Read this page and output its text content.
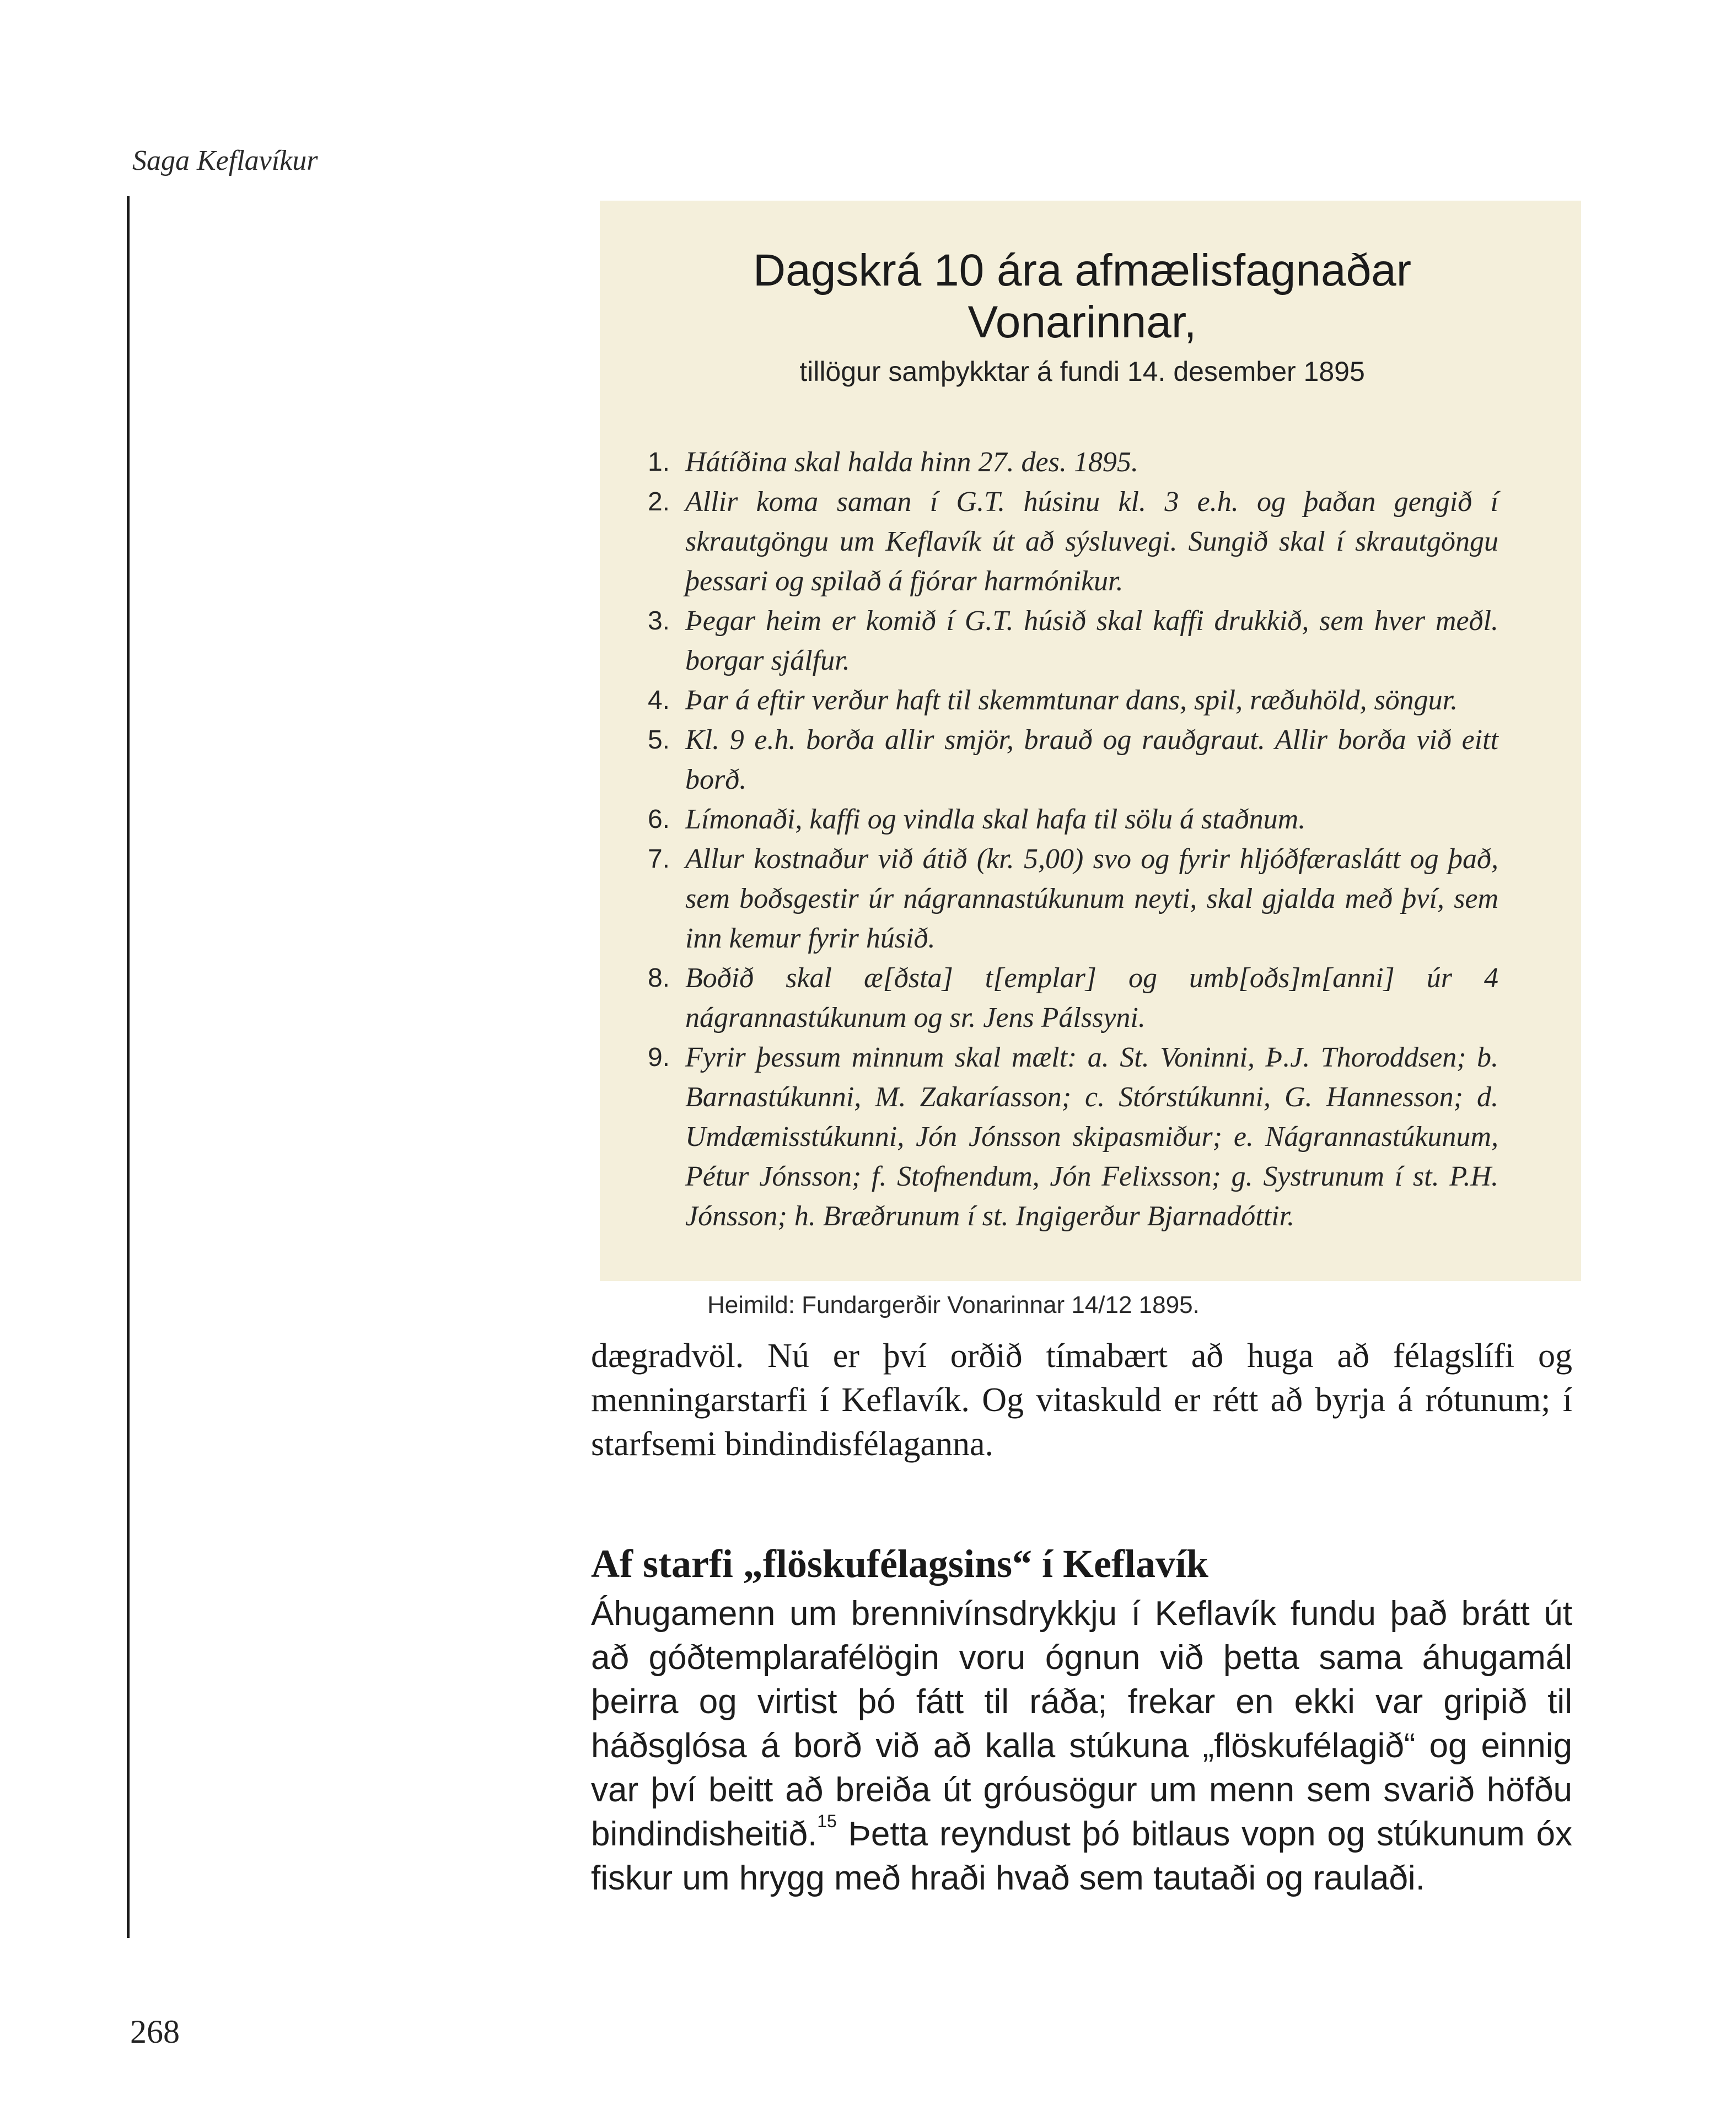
Saga Keflavíkur
Dagskrá 10 ára afmælisfagnaðar Vonarinnar,
tillögur samþykktar á fundi 14. desember 1895
1. Hátíðina skal halda hinn 27. des. 1895.
2. Allir koma saman í G.T. húsinu kl. 3 e.h. og þaðan gengið í skrautgöngu um Keflavík út að sýsluvegi. Sungið skal í skrautgöngu þessari og spilað á fjórar harmónikur.
3. Þegar heim er komið í G.T. húsið skal kaffi drukkið, sem hver meðl. borgar sjálfur.
4. Þar á eftir verður haft til skemmtunar dans, spil, ræðuhöld, söngur.
5. Kl. 9 e.h. borða allir smjör, brauð og rauðgraut. Allir borða við eitt borð.
6. Límonaði, kaffi og vindla skal hafa til sölu á staðnum.
7. Allur kostnaður við átið (kr. 5,00) svo og fyrir hljóðfæraslátt og það, sem boðsgestir úr nágrannastúkunum neyti, skal gjalda með því, sem inn kemur fyrir húsið.
8. Boðið skal æ[ðsta] t[emplar] og umb[oðs]m[anni] úr 4 nágrannastúkunum og sr. Jens Pálssyni.
9. Fyrir þessum minnum skal mælt: a. St. Voninni, Þ.J. Thoroddsen; b. Barnastúkunni, M. Zakaríasson; c. Stórstúkunni, G. Hannesson; d. Umdæmisstúkunni, Jón Jónsson skipasmiður; e. Nágrannastúkunum, Pétur Jónsson; f. Stofnendum, Jón Felixsson; g. Systrunum í st. P.H. Jónsson; h. Bræðrunum í st. Ingigerður Bjarnadóttir.
Heimild: Fundargerðir Vonarinnar 14/12 1895.

dægradvöl. Nú er því orðið tímabært að huga að félagslífi og menningarstarfi í Keflavík. Og vitaskuld er rétt að byrja á rótunum; í starfsemi bindindisfélaganna.

Af starfi „flöskufélagsins“ í Keflavík

Áhugamenn um brennivínsdrykkju í Keflavík fundu það brátt út að góðtemplarafélögin voru ógnun við þetta sama áhugamál þeirra og virtist þó fátt til ráða; frekar en ekki var gripið til háðsglósa á borð við að kalla stúkuna „flöskufélagið“ og einnig var því beitt að breiða út gróusögur um menn sem svarið höfðu bindindisheitið.$^{15}$ Þetta reyndust þó bitlaus vopn og stúkunum óx fiskur um hrygg með hraði hvað sem tautaði og raulaði.

268
